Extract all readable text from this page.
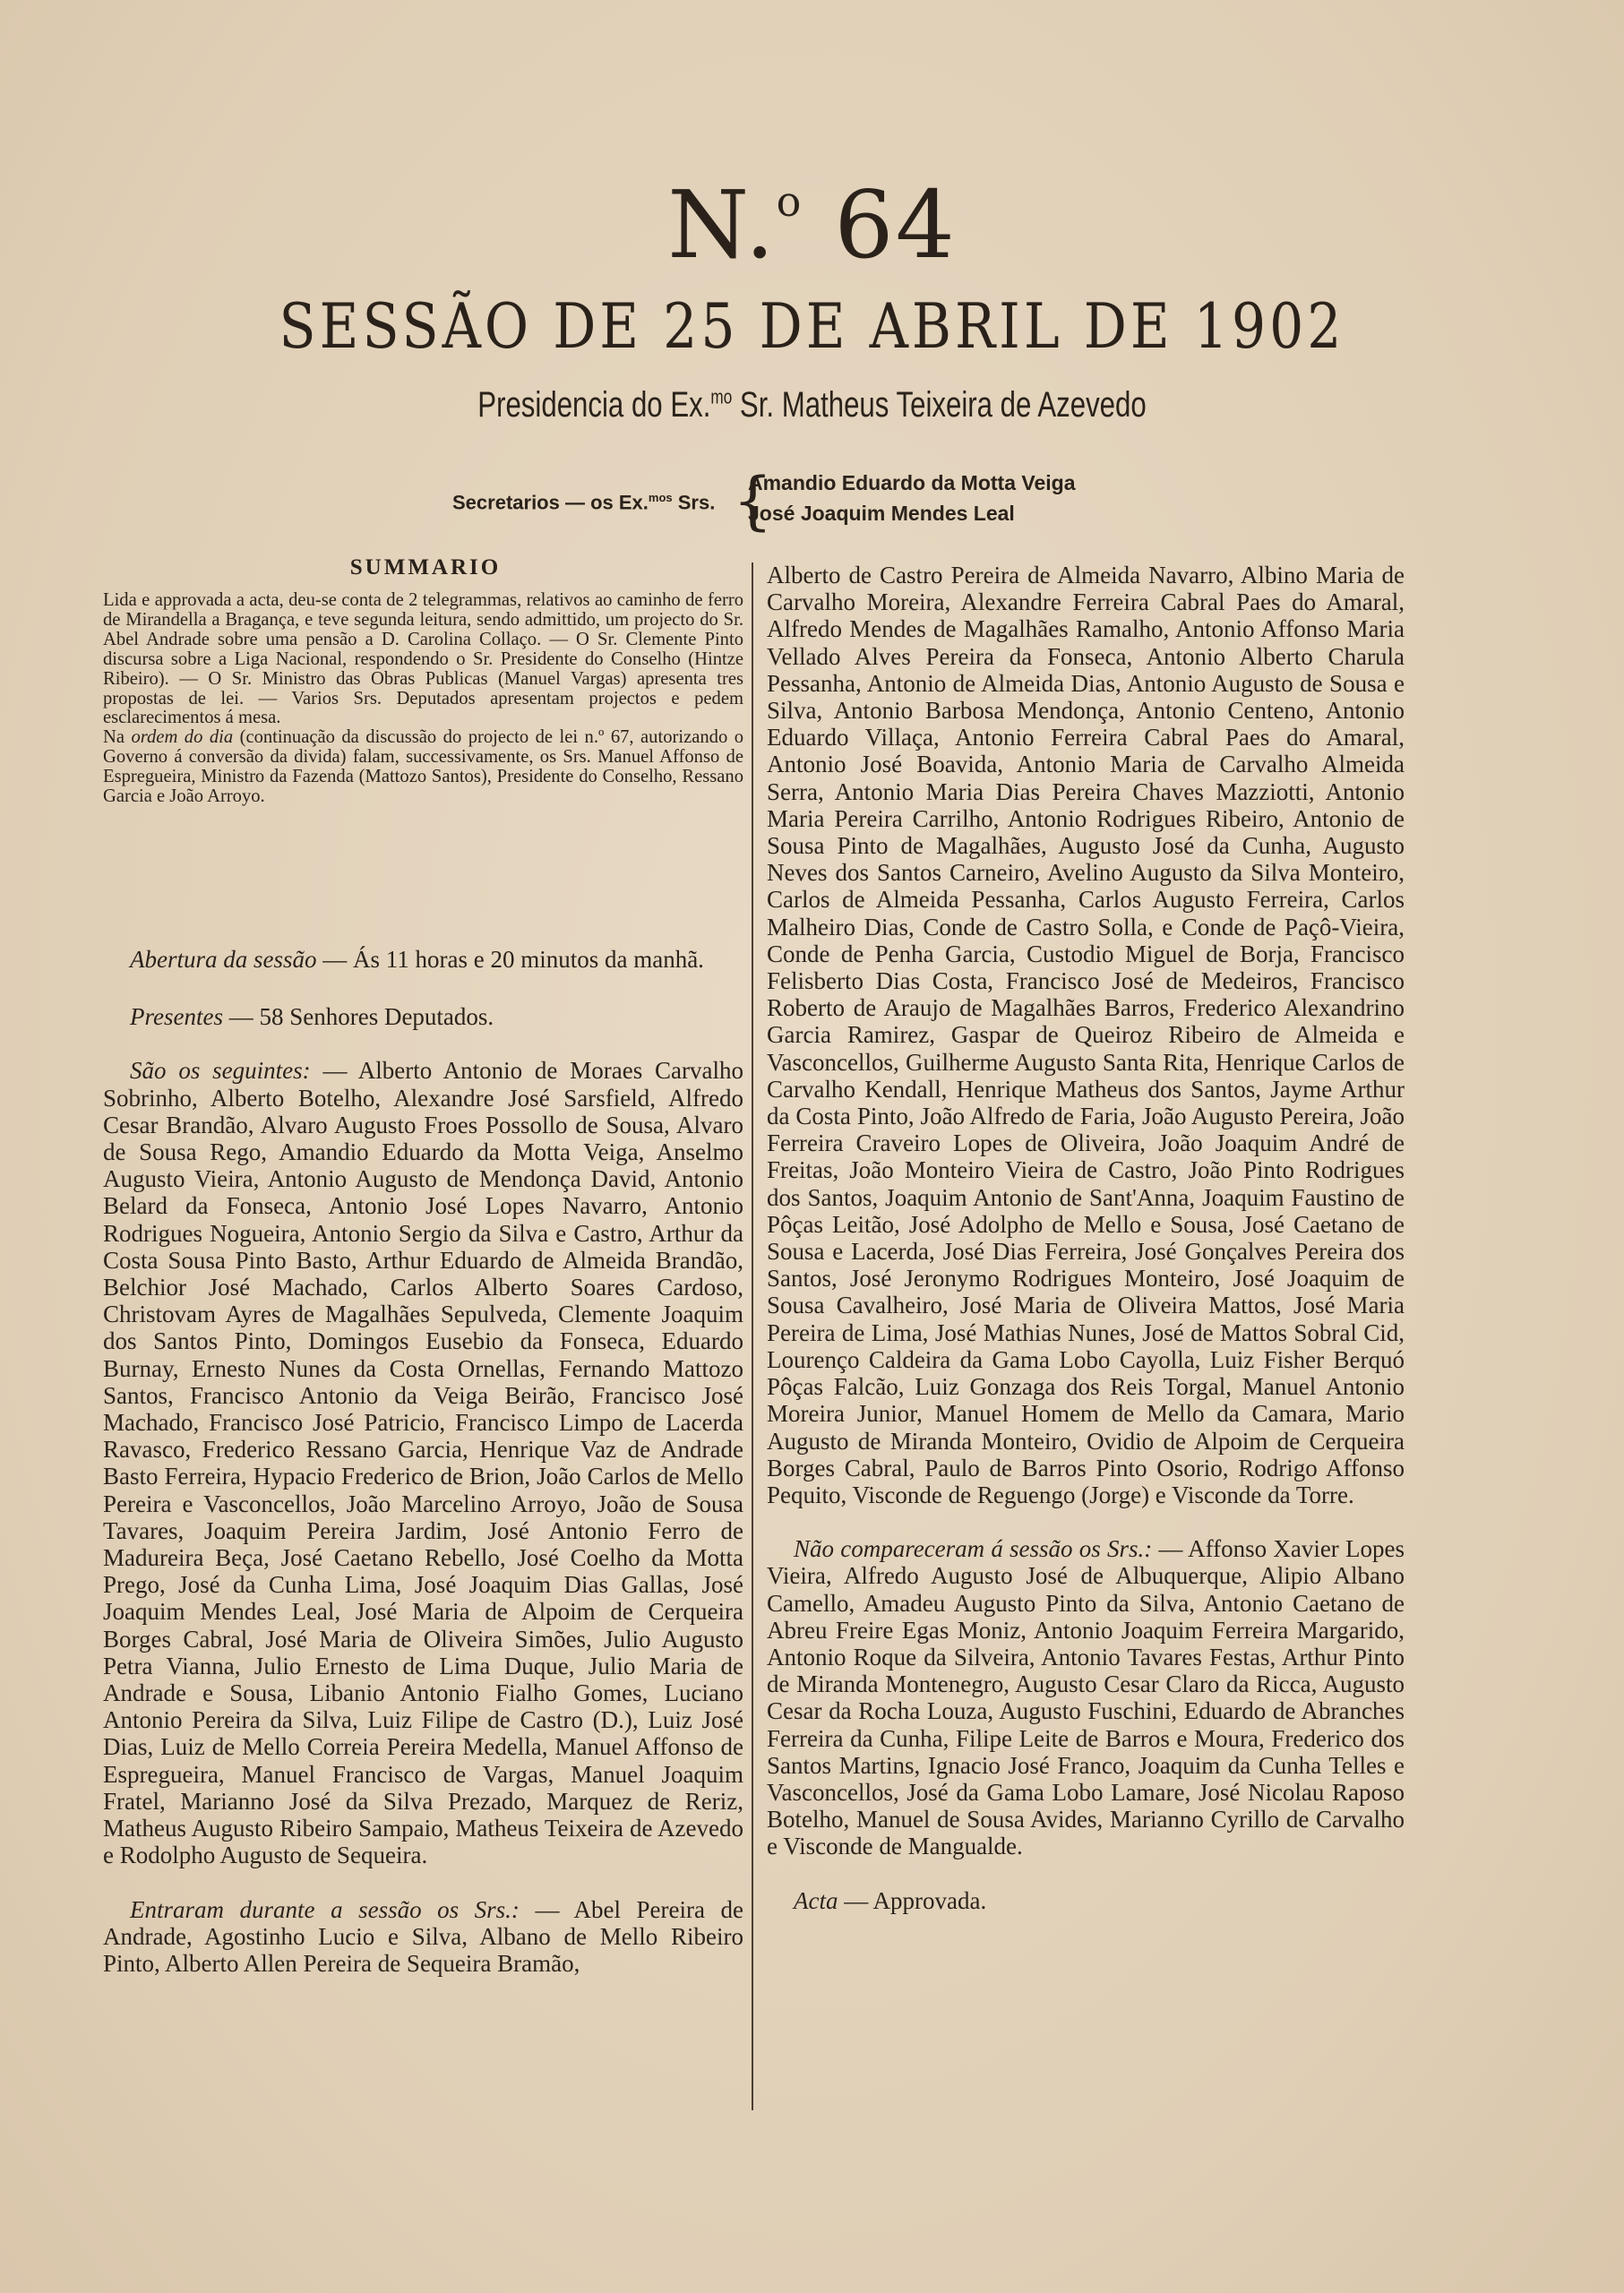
N.$^o$ 64
SESSÃO DE 25 DE ABRIL DE 1902
Presidencia do Ex.$^{mo}$ Sr. Matheus Teixeira de Azevedo
Secretarios — os Ex.$^{mos}$ Srs. {
Amandio Eduardo da Motta Veiga
José Joaquim Mendes Leal
SUMMARIO

Lida e approvada a acta, deu-se conta de 2 telegrammas, relativos ao caminho de ferro de Mirandella a Bragança, e teve segunda leitura, sendo admittido, um projecto do Sr. Abel Andrade sobre uma pensão a D. Carolina Collaço. — O Sr. Clemente Pinto discursa sobre a Liga Nacional, respondendo o Sr. Presidente do Conselho (Hintze Ribeiro). — O Sr. Ministro das Obras Publicas (Manuel Vargas) apresenta tres propostas de lei. — Varios Srs. Deputados apresentam projectos e pedem esclarecimentos á mesa.

Na ordem do dia (continuação da discussão do projecto de lei n.º 67, autorizando o Governo á conversão da divida) falam, successivamente, os Srs. Manuel Affonso de Espregueira, Ministro da Fazenda (Mattozo Santos), Presidente do Conselho, Ressano Garcia e João Arroyo.

Abertura da sessão — Ás 11 horas e 20 minutos da manhã.

Presentes — 58 Senhores Deputados.

São os seguintes: — Alberto Antonio de Moraes Carvalho Sobrinho, Alberto Botelho, Alexandre José Sarsfield, Alfredo Cesar Brandão, Alvaro Augusto Froes Possollo de Sousa, Alvaro de Sousa Rego, Amandio Eduardo da Motta Veiga, Anselmo Augusto Vieira, Antonio Augusto de Mendonça David, Antonio Belard da Fonseca, Antonio José Lopes Navarro, Antonio Rodrigues Nogueira, Antonio Sergio da Silva e Castro, Arthur da Costa Sousa Pinto Basto, Arthur Eduardo de Almeida Brandão, Belchior José Machado, Carlos Alberto Soares Cardoso, Christovam Ayres de Magalhães Sepulveda, Clemente Joaquim dos Santos Pinto, Domingos Eusebio da Fonseca, Eduardo Burnay, Ernesto Nunes da Costa Ornellas, Fernando Mattozo Santos, Francisco Antonio da Veiga Beirão, Francisco José Machado, Francisco José Patricio, Francisco Limpo de Lacerda Ravasco, Frederico Ressano Garcia, Henrique Vaz de Andrade Basto Ferreira, Hypacio Frederico de Brion, João Carlos de Mello Pereira e Vasconcellos, João Marcelino Arroyo, João de Sousa Tavares, Joaquim Pereira Jardim, José Antonio Ferro de Madureira Beça, José Caetano Rebello, José Coelho da Motta Prego, José da Cunha Lima, José Joaquim Dias Gallas, José Joaquim Mendes Leal, José Maria de Alpoim de Cerqueira Borges Cabral, José Maria de Oliveira Simões, Julio Augusto Petra Vianna, Julio Ernesto de Lima Duque, Julio Maria de Andrade e Sousa, Libanio Antonio Fialho Gomes, Luciano Antonio Pereira da Silva, Luiz Filipe de Castro (D.), Luiz José Dias, Luiz de Mello Correia Pereira Medella, Manuel Affonso de Espregueira, Manuel Francisco de Vargas, Manuel Joaquim Fratel, Marianno José da Silva Prezado, Marquez de Reriz, Matheus Augusto Ribeiro Sampaio, Matheus Teixeira de Azevedo e Rodolpho Augusto de Sequeira.

Entraram durante a sessão os Srs.: — Abel Pereira de Andrade, Agostinho Lucio e Silva, Albano de Mello Ribeiro Pinto, Alberto Allen Pereira de Sequeira Bramão,

Alberto de Castro Pereira de Almeida Navarro, Albino Maria de Carvalho Moreira, Alexandre Ferreira Cabral Paes do Amaral, Alfredo Mendes de Magalhães Ramalho, Antonio Affonso Maria Vellado Alves Pereira da Fonseca, Antonio Alberto Charula Pessanha, Antonio de Almeida Dias, Antonio Augusto de Sousa e Silva, Antonio Barbosa Mendonça, Antonio Centeno, Antonio Eduardo Villaça, Antonio Ferreira Cabral Paes do Amaral, Antonio José Boavida, Antonio Maria de Carvalho Almeida Serra, Antonio Maria Dias Pereira Chaves Mazziotti, Antonio Maria Pereira Carrilho, Antonio Rodrigues Ribeiro, Antonio de Sousa Pinto de Magalhães, Augusto José da Cunha, Augusto Neves dos Santos Carneiro, Avelino Augusto da Silva Monteiro, Carlos de Almeida Pessanha, Carlos Augusto Ferreira, Carlos Malheiro Dias, Conde de Castro Solla, e Conde de Paçô-Vieira, Conde de Penha Garcia, Custodio Miguel de Borja, Francisco Felisberto Dias Costa, Francisco José de Medeiros, Francisco Roberto de Araujo de Magalhães Barros, Frederico Alexandrino Garcia Ramirez, Gaspar de Queiroz Ribeiro de Almeida e Vasconcellos, Guilherme Augusto Santa Rita, Henrique Carlos de Carvalho Kendall, Henrique Matheus dos Santos, Jayme Arthur da Costa Pinto, João Alfredo de Faria, João Augusto Pereira, João Ferreira Craveiro Lopes de Oliveira, João Joaquim André de Freitas, João Monteiro Vieira de Castro, João Pinto Rodrigues dos Santos, Joaquim Antonio de Sant'Anna, Joaquim Faustino de Pôças Leitão, José Adolpho de Mello e Sousa, José Caetano de Sousa e Lacerda, José Dias Ferreira, José Gonçalves Pereira dos Santos, José Jeronymo Rodrigues Monteiro, José Joaquim de Sousa Cavalheiro, José Maria de Oliveira Mattos, José Maria Pereira de Lima, José Mathias Nunes, José de Mattos Sobral Cid, Lourenço Caldeira da Gama Lobo Cayolla, Luiz Fisher Berquó Pôças Falcão, Luiz Gonzaga dos Reis Torgal, Manuel Antonio Moreira Junior, Manuel Homem de Mello da Camara, Mario Augusto de Miranda Monteiro, Ovidio de Alpoim de Cerqueira Borges Cabral, Paulo de Barros Pinto Osorio, Rodrigo Affonso Pequito, Visconde de Reguengo (Jorge) e Visconde da Torre.

Não compareceram á sessão os Srs.: — Affonso Xavier Lopes Vieira, Alfredo Augusto José de Albuquerque, Alipio Albano Camello, Amadeu Augusto Pinto da Silva, Antonio Caetano de Abreu Freire Egas Moniz, Antonio Joaquim Ferreira Margarido, Antonio Roque da Silveira, Antonio Tavares Festas, Arthur Pinto de Miranda Montenegro, Augusto Cesar Claro da Ricca, Augusto Cesar da Rocha Louza, Augusto Fuschini, Eduardo de Abranches Ferreira da Cunha, Filipe Leite de Barros e Moura, Frederico dos Santos Martins, Ignacio José Franco, Joaquim da Cunha Telles e Vasconcellos, José da Gama Lobo Lamare, José Nicolau Raposo Botelho, Manuel de Sousa Avides, Marianno Cyrillo de Carvalho e Visconde de Mangualde.

Acta — Approvada.
